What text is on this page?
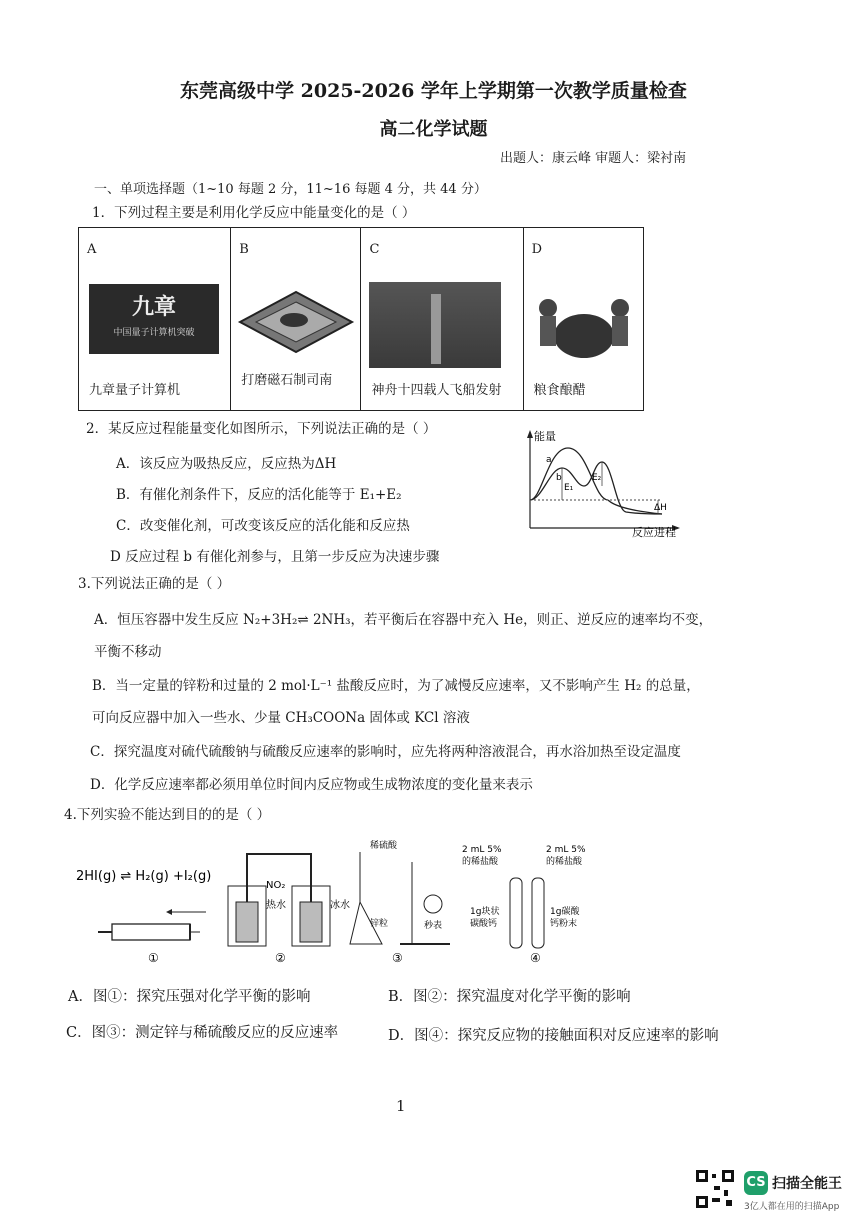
东莞高级中学 2025-2026 学年上学期第一次教学质量检查
高二化学试题
出题人：康云峰 审题人：梁衬南
一、单项选择题（1~10 每题 2 分，11~16 每题 4 分，共 44 分）
1．下列过程主要是利用化学反应中能量变化的是（ ）
A
九章
中国量子计算机突破
九章量子计算机

B
打磨磁石制司南

C
神舟十四载人飞船发射

D
粮食酿醋
2．某反应过程能量变化如图所示，下列说法正确的是（ ）
A．该反应为吸热反应，反应热为ΔH
B．有催化剂条件下，反应的活化能等于 E₁+E₂
C．改变催化剂，可改变该反应的活化能和反应热
D 反应过程 b 有催化剂参与，且第一步反应为决速步骤
能量
反应进程
a
b
E₁
E₂
ΔH
3.下列说法正确的是（ ）
A．恒压容器中发生反应 N₂+3H₂⇌ 2NH₃，若平衡后在容器中充入 He，则正、逆反应的速率均不变，
平衡不移动
B．当一定量的锌粉和过量的 2 mol·L⁻¹ 盐酸反应时，为了减慢反应速率，又不影响产生 H₂ 的总量，
可向反应器中加入一些水、少量 CH₃COONa 固体或 KCl 溶液
C．探究温度对硫代硫酸钠与硫酸反应速率的影响时，应先将两种溶液混合，再水浴加热至设定温度
D．化学反应速率都必须用单位时间内反应物或生成物浓度的变化量来表示
4.下列实验不能达到目的的是（ ）
2HI(g) ⇌ H₂(g) +I₂(g)
①
NO₂
热水	冰水
②
稀硫酸
锌粒	秒表
③
2 mL 5%
的稀盐酸
2 mL 5%
的稀盐酸
1g块状
碳酸钙
1g碳酸
钙粉末
④
A．图①：探究压强对化学平衡的影响	B．图②：探究温度对化学平衡的影响
C．图③：测定锌与稀硫酸反应的反应速率	D．图④：探究反应物的接触面积对反应速率的影响
1
CS 扫描全能王
3亿人都在用的扫描App
